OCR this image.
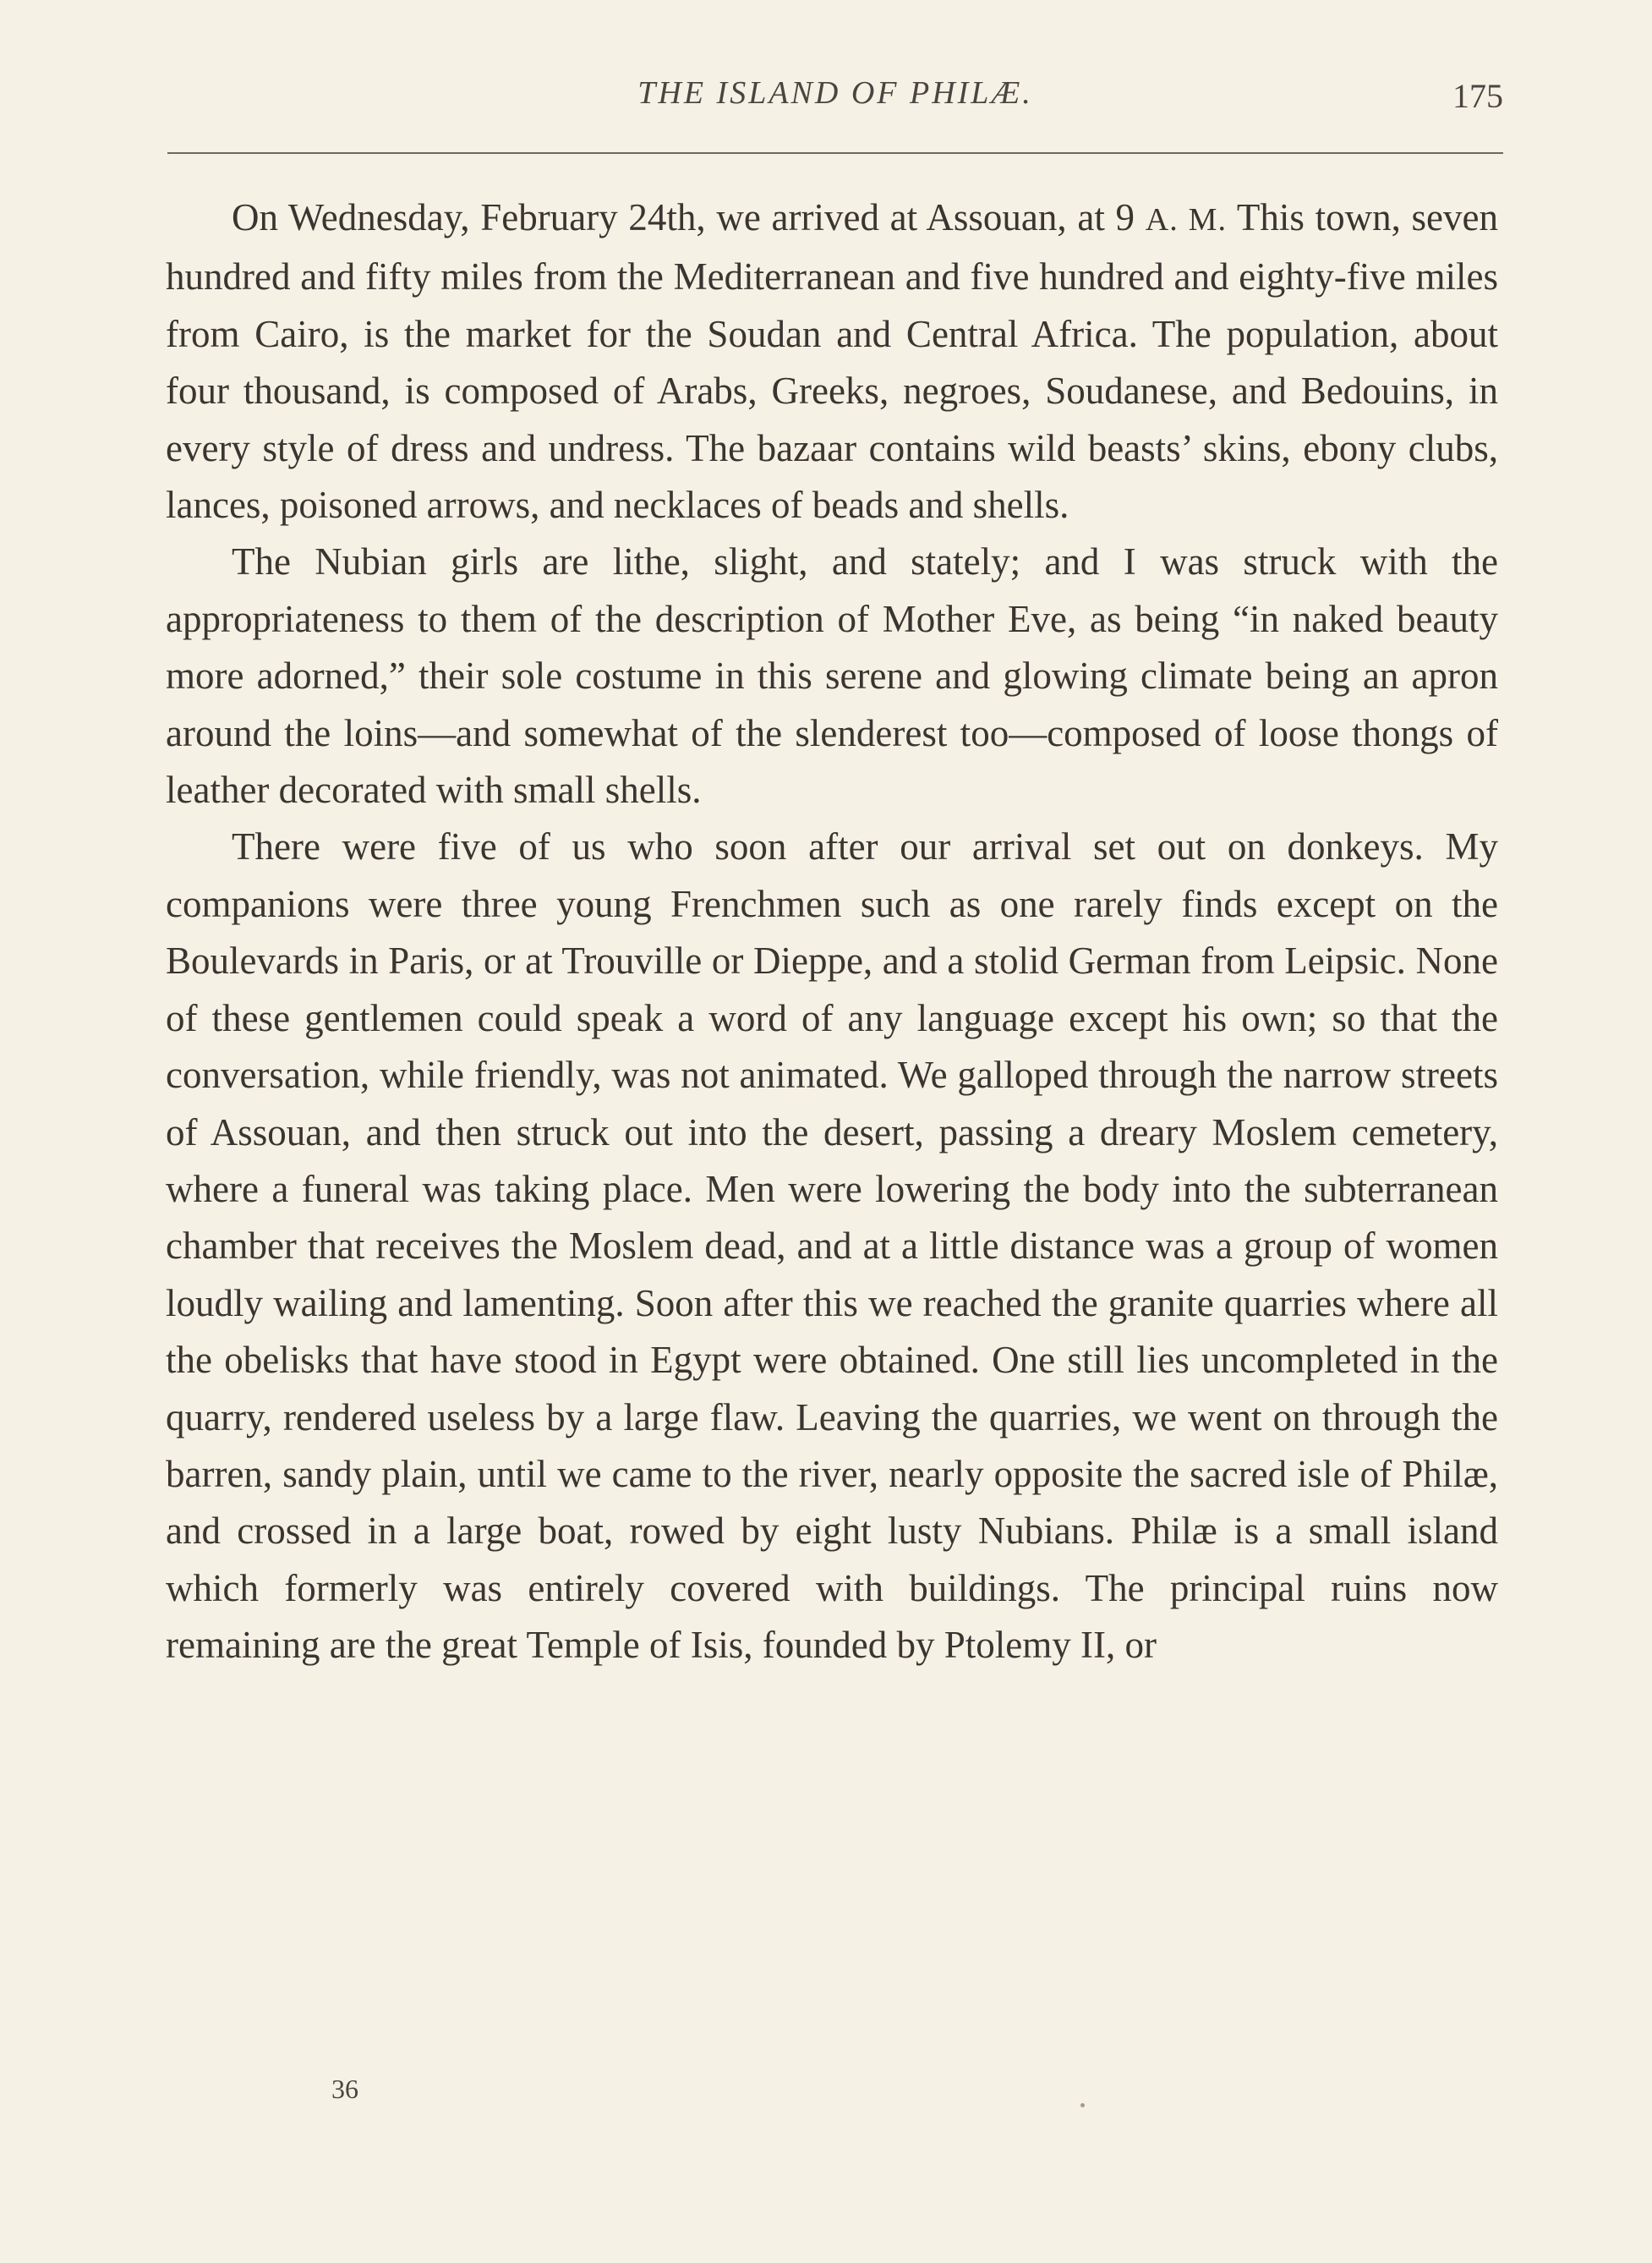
THE ISLAND OF PHILÆ.	175

On Wednesday, February 24th, we arrived at Assouan, at 9 A. M. This town, seven hundred and fifty miles from the Mediterranean and five hundred and eighty-five miles from Cairo, is the market for the Soudan and Central Africa. The population, about four thousand, is composed of Arabs, Greeks, negroes, Soudanese, and Bedouins, in every style of dress and undress. The bazaar contains wild beasts’ skins, ebony clubs, lances, poisoned arrows, and necklaces of beads and shells.

The Nubian girls are lithe, slight, and stately; and I was struck with the appropriateness to them of the description of Mother Eve, as being “in naked beauty more adorned,” their sole costume in this serene and glowing climate being an apron around the loins—and somewhat of the slenderest too—composed of loose thongs of leather decorated with small shells.

There were five of us who soon after our arrival set out on donkeys. My companions were three young Frenchmen such as one rarely finds except on the Boulevards in Paris, or at Trouville or Dieppe, and a stolid German from Leipsic. None of these gentlemen could speak a word of any language except his own; so that the conversation, while friendly, was not animated. We galloped through the narrow streets of Assouan, and then struck out into the desert, passing a dreary Moslem cemetery, where a funeral was taking place. Men were lowering the body into the subterranean chamber that receives the Moslem dead, and at a little distance was a group of women loudly wailing and lamenting. Soon after this we reached the granite quarries where all the obelisks that have stood in Egypt were obtained. One still lies uncompleted in the quarry, rendered useless by a large flaw. Leaving the quarries, we went on through the barren, sandy plain, until we came to the river, nearly opposite the sacred isle of Philæ, and crossed in a large boat, rowed by eight lusty Nubians. Philæ is a small island which formerly was entirely covered with buildings. The principal ruins now remaining are the great Temple of Isis, founded by Ptolemy II, or

36
